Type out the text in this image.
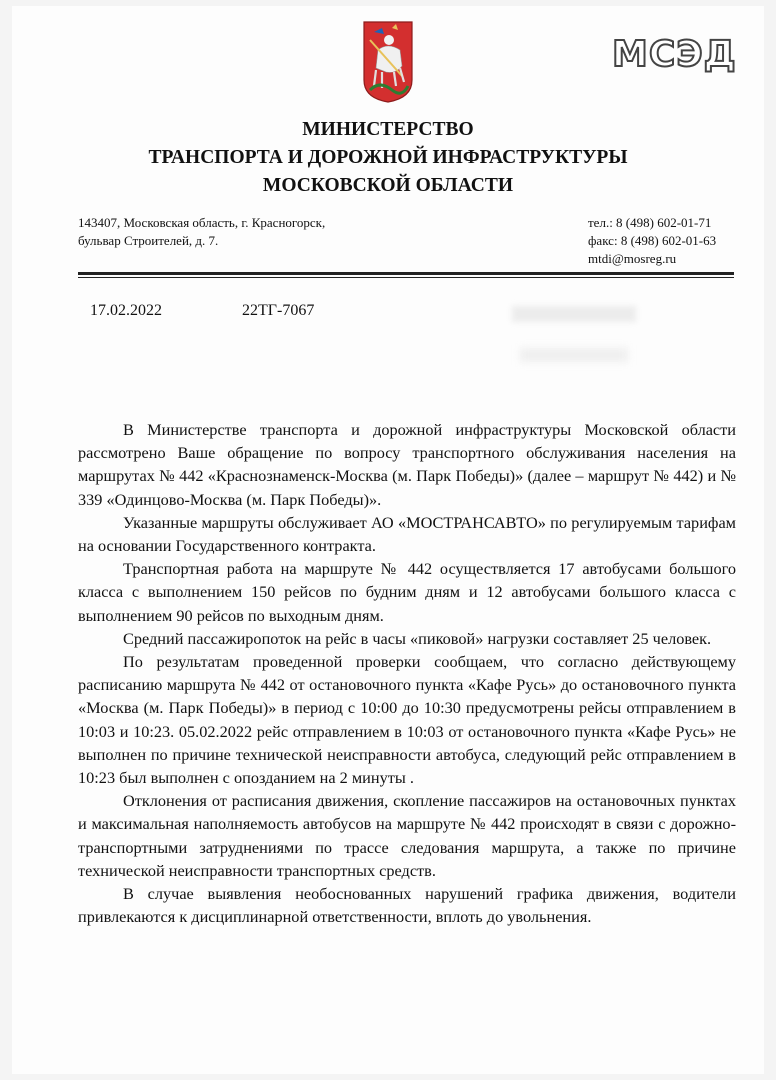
МСЭД
МИНИСТЕРСТВО
ТРАНСПОРТА И ДОРОЖНОЙ ИНФРАСТРУКТУРЫ
МОСКОВСКОЙ ОБЛАСТИ
143407, Московская область, г. Красногорск,
бульвар Строителей, д. 7.
тел.: 8 (498) 602-01-71
факс: 8 (498) 602-01-63
mtdi@mosreg.ru
17.02.2022	22ТГ-7067

В Министерстве транспорта и дорожной инфраструктуры Московской области рассмотрено Ваше обращение по вопросу транспортного обслуживания населения на маршрутах № 442 «Краснознаменск-Москва (м. Парк Победы)» (далее – маршрут № 442) и № 339 «Одинцово-Москва (м. Парк Победы)».

Указанные маршруты обслуживает АО «МОСТРАНСАВТО» по регулируемым тарифам на основании Государственного контракта.

Транспортная работа на маршруте № 442 осуществляется 17 автобусами большого класса с выполнением 150 рейсов по будним дням и 12 автобусами большого класса с выполнением 90 рейсов по выходным дням.

Средний пассажиропоток на рейс в часы «пиковой» нагрузки составляет 25 человек.

По результатам проведенной проверки сообщаем, что согласно действующему расписанию маршрута № 442 от остановочного пункта «Кафе Русь» до остановочного пункта «Москва (м. Парк Победы)» в период с 10:00 до 10:30 предусмотрены рейсы отправлением в 10:03 и 10:23. 05.02.2022 рейс отправлением в 10:03 от остановочного пункта «Кафе Русь» не выполнен по причине технической неисправности автобуса, следующий рейс отправлением в 10:23 был выполнен с опозданием на 2 минуты .

Отклонения от расписания движения, скопление пассажиров на остановочных пунктах и максимальная наполняемость автобусов на маршруте № 442 происходят в связи с дорожно-транспортными затруднениями по трассе следования маршрута, а также по причине технической неисправности транспортных средств.

В случае выявления необоснованных нарушений графика движения, водители привлекаются к дисциплинарной ответственности, вплоть до увольнения.
